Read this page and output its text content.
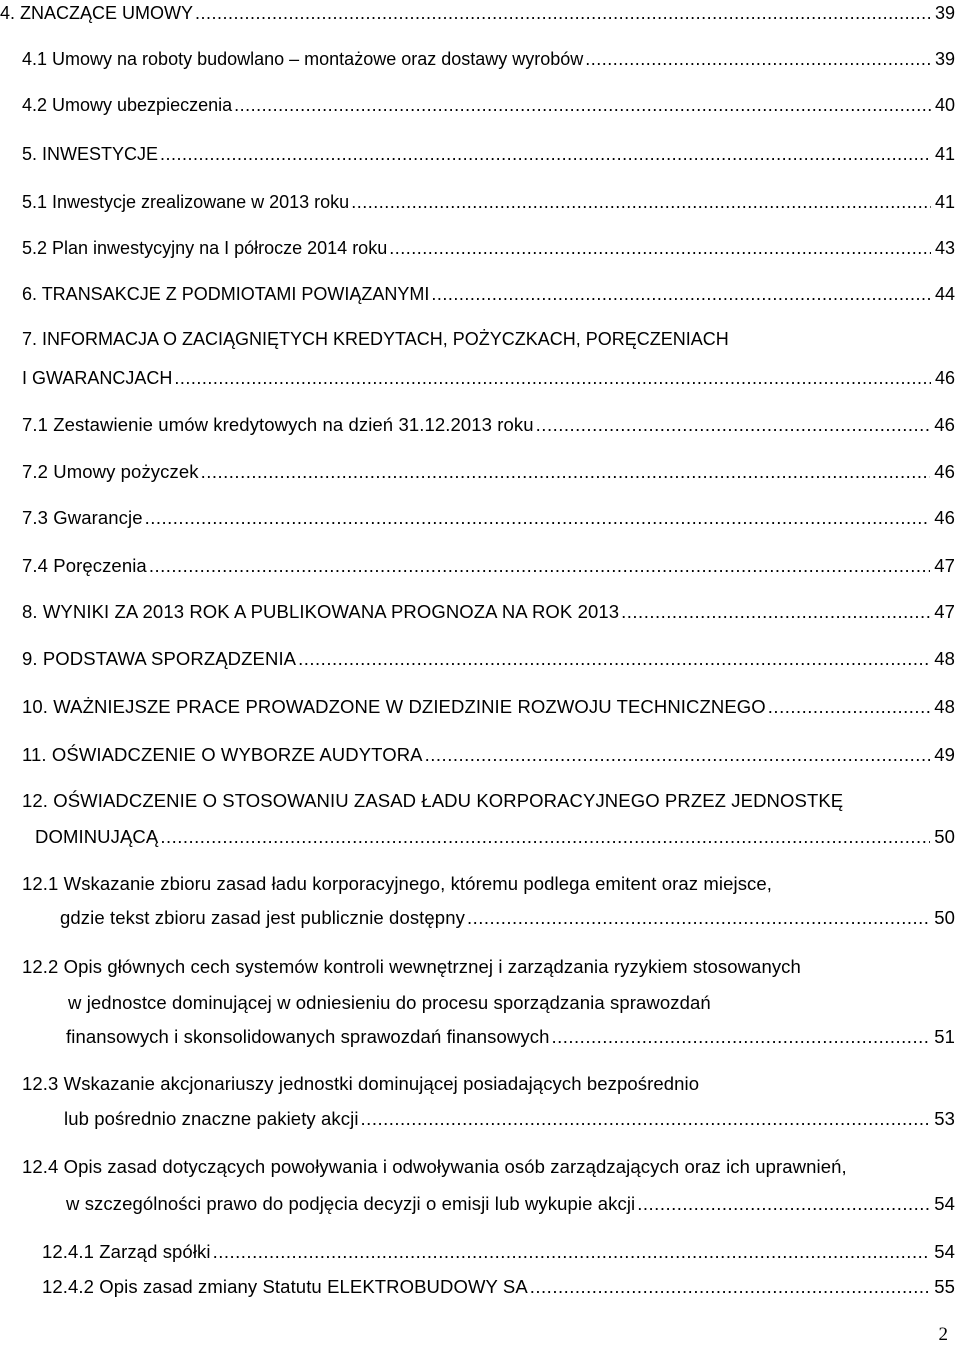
4. ZNACZĄCE UMOWY .....	39
4.1 Umowy na roboty budowlano – montażowe oraz dostawy wyrobów .....	39
4.2 Umowy ubezpieczenia .....	40
5. INWESTYCJE .....	41
5.1 Inwestycje zrealizowane w 2013 roku .....	41
5.2 Plan inwestycyjny na I półrocze 2014 roku .....	43
6. TRANSAKCJE Z PODMIOTAMI POWIĄZANYMI .....	44
7. INFORMACJA O ZACIĄGNIĘTYCH KREDYTACH, POŻYCZKACH, PORĘCZENIACH
I GWARANCJACH .....	46
7.1 Zestawienie umów kredytowych na dzień 31.12.2013 roku .....	46
7.2 Umowy pożyczek .....	46
7.3 Gwarancje .....	46
7.4 Poręczenia .....	47
8. WYNIKI ZA 2013 ROK A PUBLIKOWANA PROGNOZA NA ROK 2013 .....	47
9. PODSTAWA SPORZĄDZENIA .....	48
10. WAŻNIEJSZE PRACE PROWADZONE W DZIEDZINIE ROZWOJU TECHNICZNEGO .....	48
11. OŚWIADCZENIE O WYBORZE AUDYTORA .....	49
12. OŚWIADCZENIE O STOSOWANIU ZASAD ŁADU KORPORACYJNEGO PRZEZ JEDNOSTKĘ
DOMINUJĄCĄ .....	50
12.1 Wskazanie zbioru zasad ładu korporacyjnego, któremu podlega emitent oraz miejsce,
gdzie tekst zbioru zasad jest publicznie dostępny .....	50
12.2 Opis głównych cech systemów kontroli wewnętrznej i zarządzania ryzykiem stosowanych
w jednostce dominującej w odniesieniu do procesu sporządzania sprawozdań
finansowych i skonsolidowanych sprawozdań finansowych .....	51
12.3 Wskazanie akcjonariuszy jednostki dominującej posiadających bezpośrednio
lub pośrednio znaczne pakiety akcji .....	53
12.4 Opis zasad dotyczących powoływania i odwoływania osób zarządzających oraz ich uprawnień,
w szczególności prawo do podjęcia decyzji o emisji lub wykupie akcji .....	54
12.4.1 Zarząd spółki .....	54
12.4.2 Opis zasad zmiany Statutu ELEKTROBUDOWY SA .....	55
2
